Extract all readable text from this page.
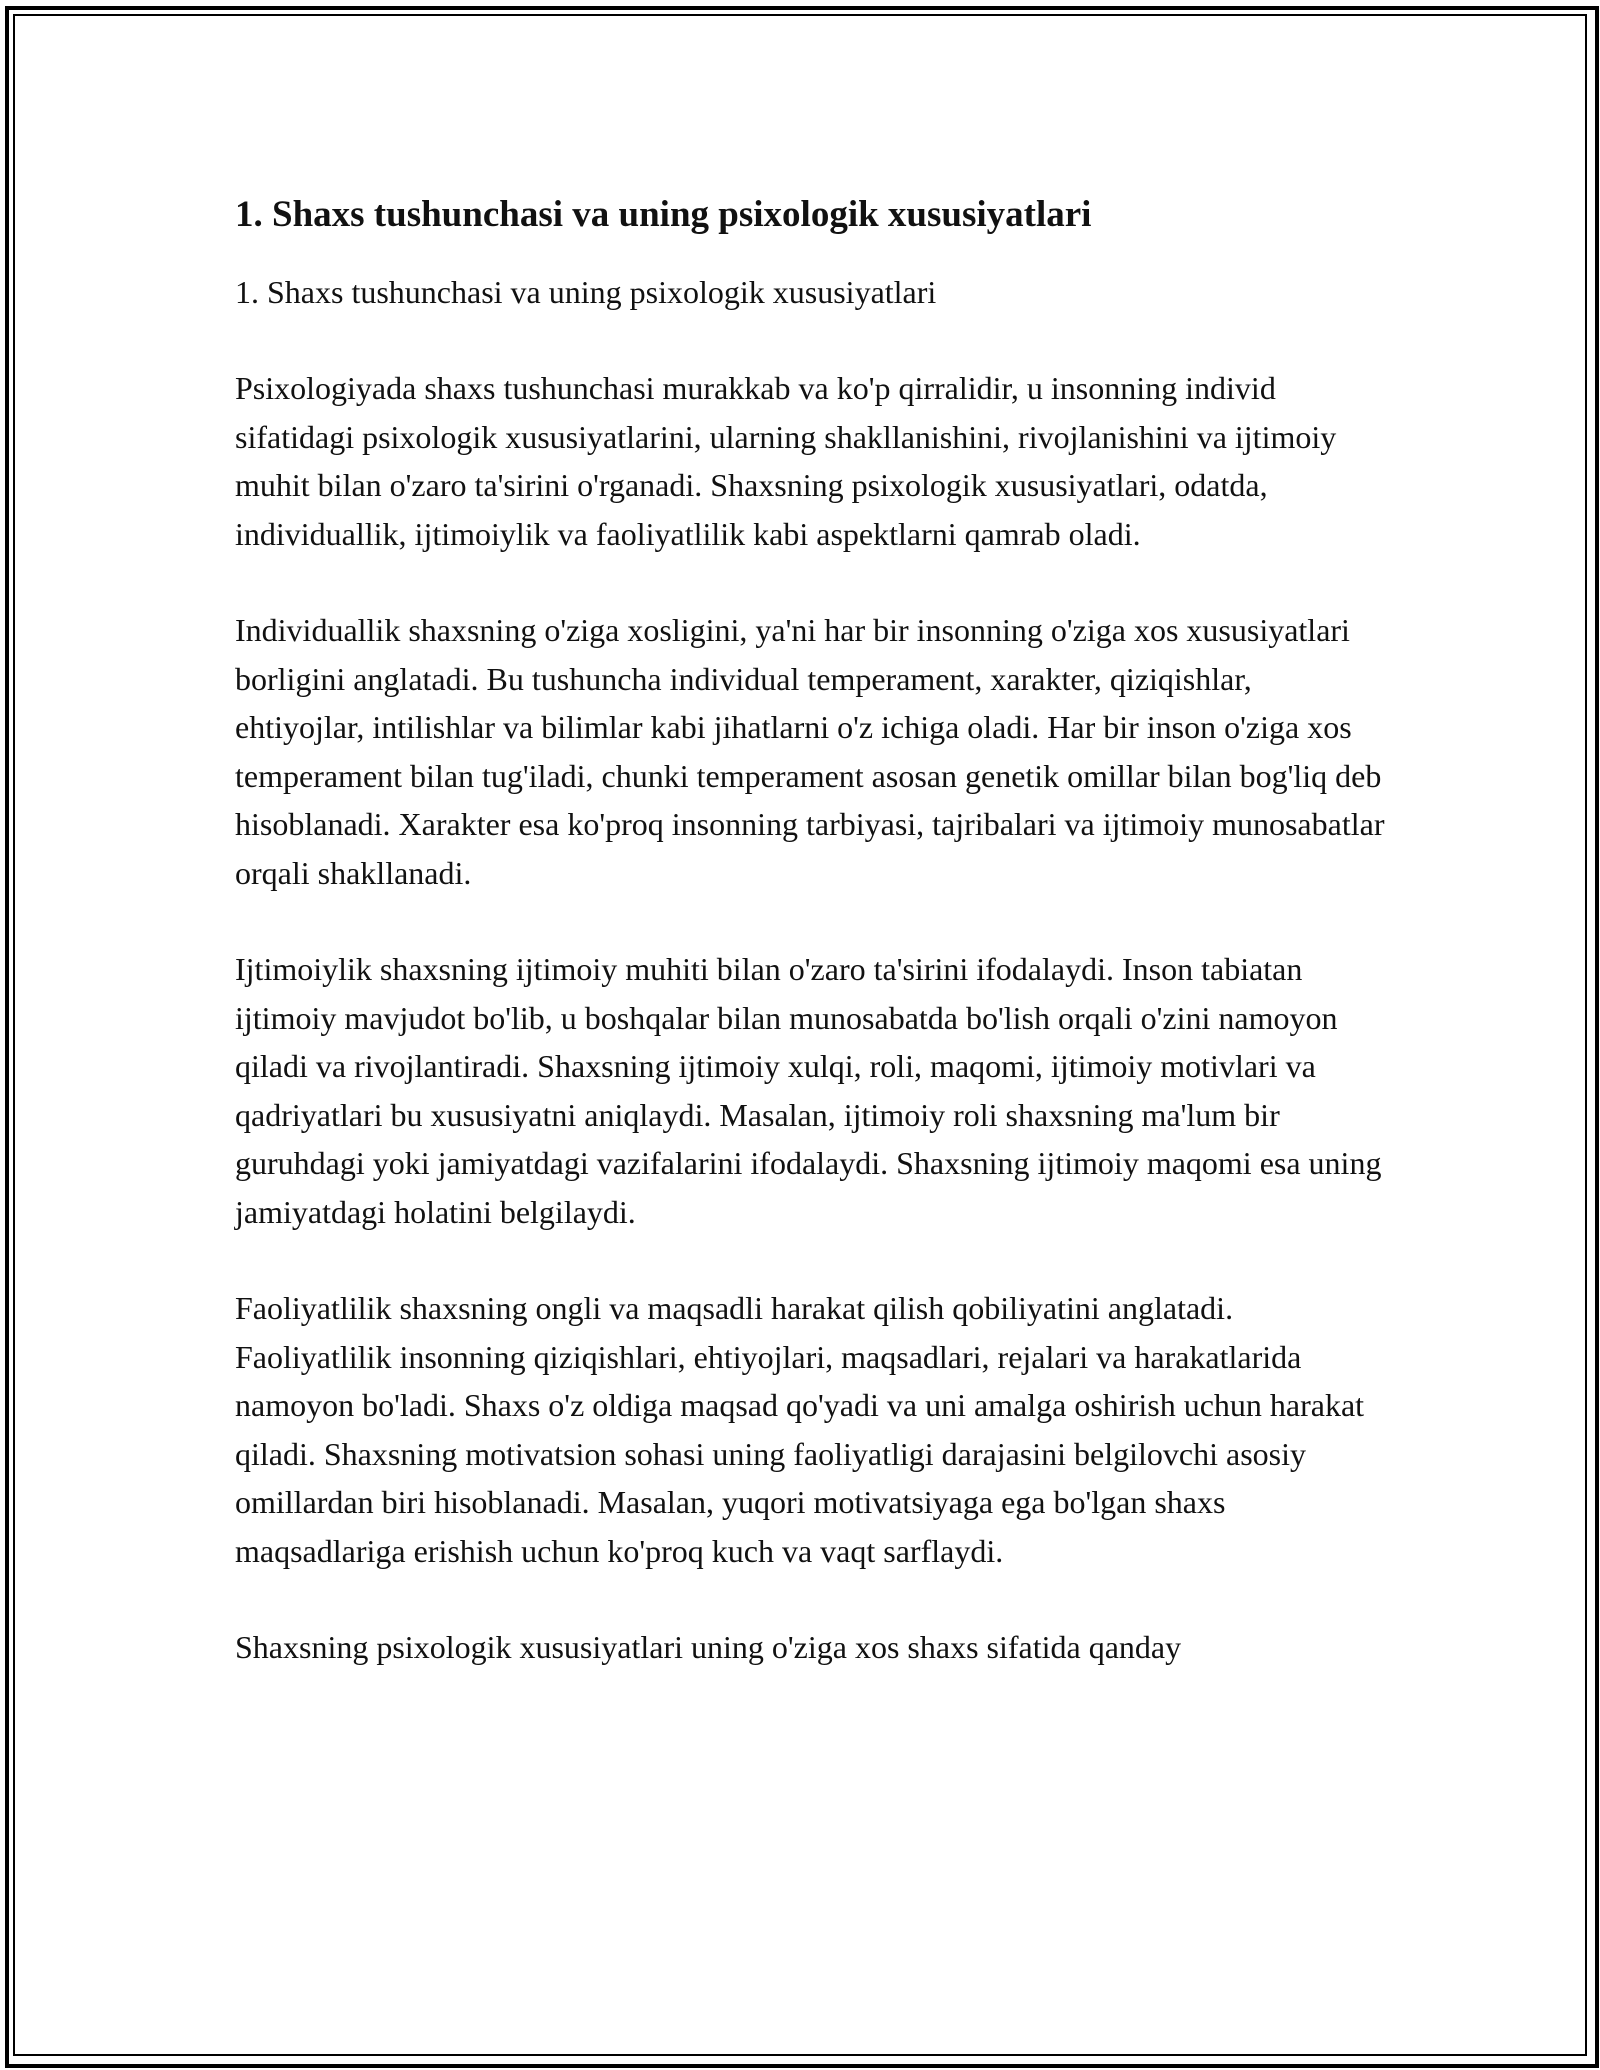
1. Shaxs tushunchasi va uning psixologik xususiyatlari

1. Shaxs tushunchasi va uning psixologik xususiyatlari

Psixologiyada shaxs tushunchasi murakkab va ko'p qirralidir, u insonning individ sifatidagi psixologik xususiyatlarini, ularning shakllanishini, rivojlanishini va ijtimoiy muhit bilan o'zaro ta'sirini o'rganadi. Shaxsning psixologik xususiyatlari, odatda, individuallik, ijtimoiylik va faoliyatlilik kabi aspektlarni qamrab oladi.

Individuallik shaxsning o'ziga xosligini, ya'ni har bir insonning o'ziga xos xususiyatlari borligini anglatadi. Bu tushuncha individual temperament, xarakter, qiziqishlar, ehtiyojlar, intilishlar va bilimlar kabi jihatlarni o'z ichiga oladi. Har bir inson o'ziga xos temperament bilan tug'iladi, chunki temperament asosan genetik omillar bilan bog'liq deb hisoblanadi. Xarakter esa ko'proq insonning tarbiyasi, tajribalari va ijtimoiy munosabatlar orqali shakllanadi.

Ijtimoiylik shaxsning ijtimoiy muhiti bilan o'zaro ta'sirini ifodalaydi. Inson tabiatan ijtimoiy mavjudot bo'lib, u boshqalar bilan munosabatda bo'lish orqali o'zini namoyon qiladi va rivojlantiradi. Shaxsning ijtimoiy xulqi, roli, maqomi, ijtimoiy motivlari va qadriyatlari bu xususiyatni aniqlaydi. Masalan, ijtimoiy roli shaxsning ma'lum bir guruhdagi yoki jamiyatdagi vazifalarini ifodalaydi. Shaxsning ijtimoiy maqomi esa uning jamiyatdagi holatini belgilaydi.

Faoliyatlilik shaxsning ongli va maqsadli harakat qilish qobiliyatini anglatadi. Faoliyatlilik insonning qiziqishlari, ehtiyojlari, maqsadlari, rejalari va harakatlarida namoyon bo'ladi. Shaxs o'z oldiga maqsad qo'yadi va uni amalga oshirish uchun harakat qiladi. Shaxsning motivatsion sohasi uning faoliyatligi darajasini belgilovchi asosiy omillardan biri hisoblanadi. Masalan, yuqori motivatsiyaga ega bo'lgan shaxs maqsadlariga erishish uchun ko'proq kuch va vaqt sarflaydi.

Shaxsning psixologik xususiyatlari uning o'ziga xos shaxs sifatida qanday
